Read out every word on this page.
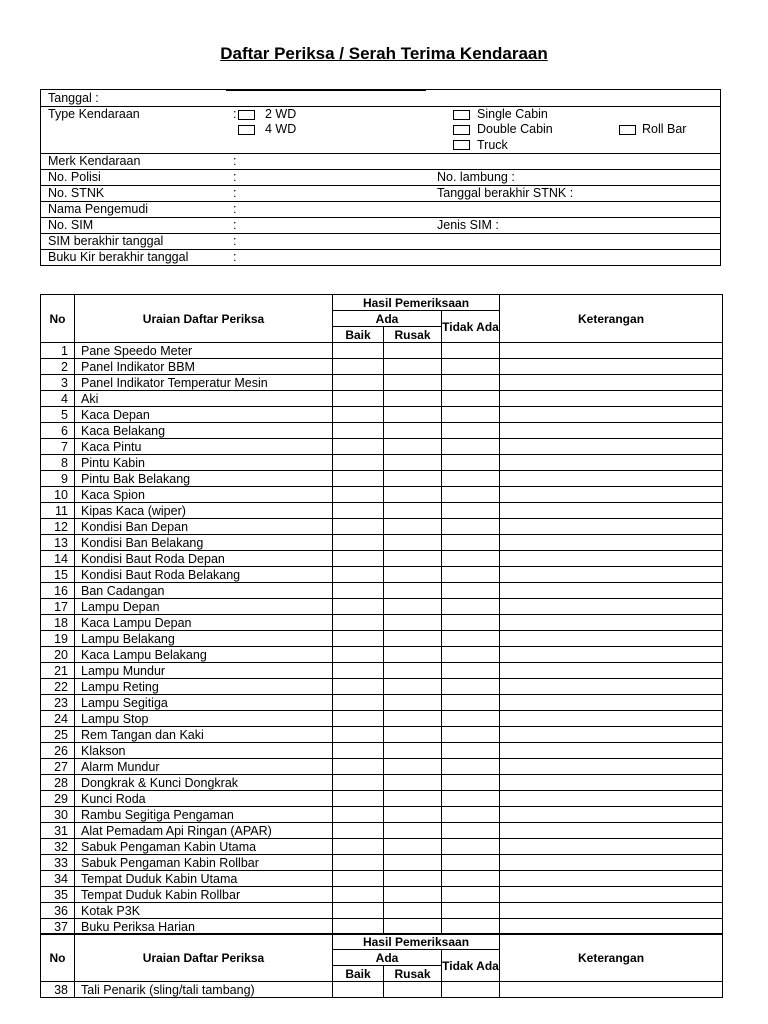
Daftar Periksa / Serah Terima Kendaraan
Tanggal :
Type Kendaraan	: 2 WD
4 WD
Single Cabin
Double Cabin
Truck
Roll Bar
Merk Kendaraan	:
No. Polisi	:	No. lambung :
No. STNK	:	Tanggal berakhir STNK :
Nama Pengemudi	:
No. SIM	:	Jenis SIM :
SIM berakhir tanggal	:
Buku Kir berakhir tanggal	:
No	Uraian Daftar Periksa	Hasil Pemeriksaan			Keterangan
		Ada		Tidak Ada	
		Baik	Rusak		
1	Pane Speedo Meter				
2	Panel Indikator BBM				
3	Panel Indikator Temperatur Mesin				
4	Aki				
5	Kaca Depan				
6	Kaca Belakang				
7	Kaca Pintu				
8	Pintu Kabin				
9	Pintu Bak Belakang				
10	Kaca Spion				
11	Kipas Kaca (wiper)				
12	Kondisi Ban Depan				
13	Kondisi Ban Belakang				
14	Kondisi Baut Roda Depan				
15	Kondisi Baut Roda Belakang				
16	Ban Cadangan				
17	Lampu Depan				
18	Kaca Lampu Depan				
19	Lampu Belakang				
20	Kaca Lampu Belakang				
21	Lampu Mundur				
22	Lampu Reting				
23	Lampu Segitiga				
24	Lampu Stop				
25	Rem Tangan dan Kaki				
26	Klakson				
27	Alarm Mundur				
28	Dongkrak & Kunci Dongkrak				
29	Kunci Roda				
30	Rambu Segitiga Pengaman				
31	Alat Pemadam Api Ringan (APAR)				
32	Sabuk Pengaman Kabin Utama				
33	Sabuk Pengaman Kabin Rollbar				
34	Tempat Duduk Kabin Utama				
35	Tempat Duduk Kabin Rollbar				
36	Kotak P3K				
37	Buku Periksa Harian				
No	Uraian Daftar Periksa	Hasil Pemeriksaan			Keterangan
		Ada		Tidak Ada	
		Baik	Rusak		
38	Tali Penarik (sling/tali tambang)				
